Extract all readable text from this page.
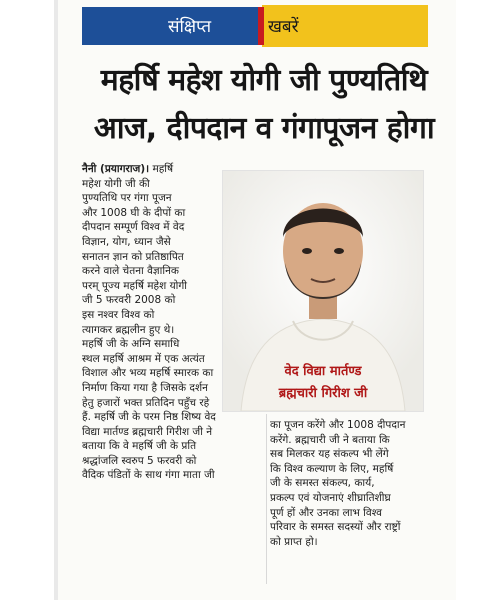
संक्षिप्त	खबरें
महर्षि महेश योगी जी पुण्यतिथि
आज, दीपदान व गंगापूजन होगा

नैनी (प्रयागराज)। महर्षि

महेश योगी जी की

पुण्यतिथि पर गंगा पूजन

और 1008 घी के दीपों का

दीपदान सम्पूर्ण विश्व में वेद

विज्ञान, योग, ध्यान जैसे

सनातन ज्ञान को प्रतिष्ठापित

करने वाले चेतना वैज्ञानिक

परम् पूज्य महर्षि महेश योगी

जी 5 फरवरी 2008 को

इस नश्वर विश्व को

त्यागकर ब्रह्मलीन हुए थे।

महर्षि जी के अग्नि समाधि

स्थल महर्षि आश्रम में एक अत्यंत

विशाल और भव्य महर्षि स्मारक का

निर्माण किया गया है जिसके दर्शन

हेतु हजारों भक्त प्रतिदिन पहुँच रहे

हैं. महर्षि जी के परम निष्ठ शिष्य वेद

विद्या मार्तण्ड ब्रह्मचारी गिरीश जी ने

बताया कि वे महर्षि जी के प्रति

श्रद्धांजलि स्वरुप 5 फरवरी को

वैदिक पंडितों के साथ गंगा माता जी

वेद विद्या मार्तण्ड
ब्रह्मचारी गिरीश जी

का पूजन करेंगे और 1008 दीपदान

करेंगे. ब्रह्मचारी जी ने बताया कि

सब मिलकर यह संकल्प भी लेंगे

कि विश्व कल्याण के लिए, महर्षि

जी के समस्त संकल्प, कार्य,

प्रकल्प एवं योजनाएं शीघ्रातिशीघ्र

पूर्ण हों और उनका लाभ विश्व

परिवार के समस्त सदस्यों और राष्ट्रों

को प्राप्त हो।
